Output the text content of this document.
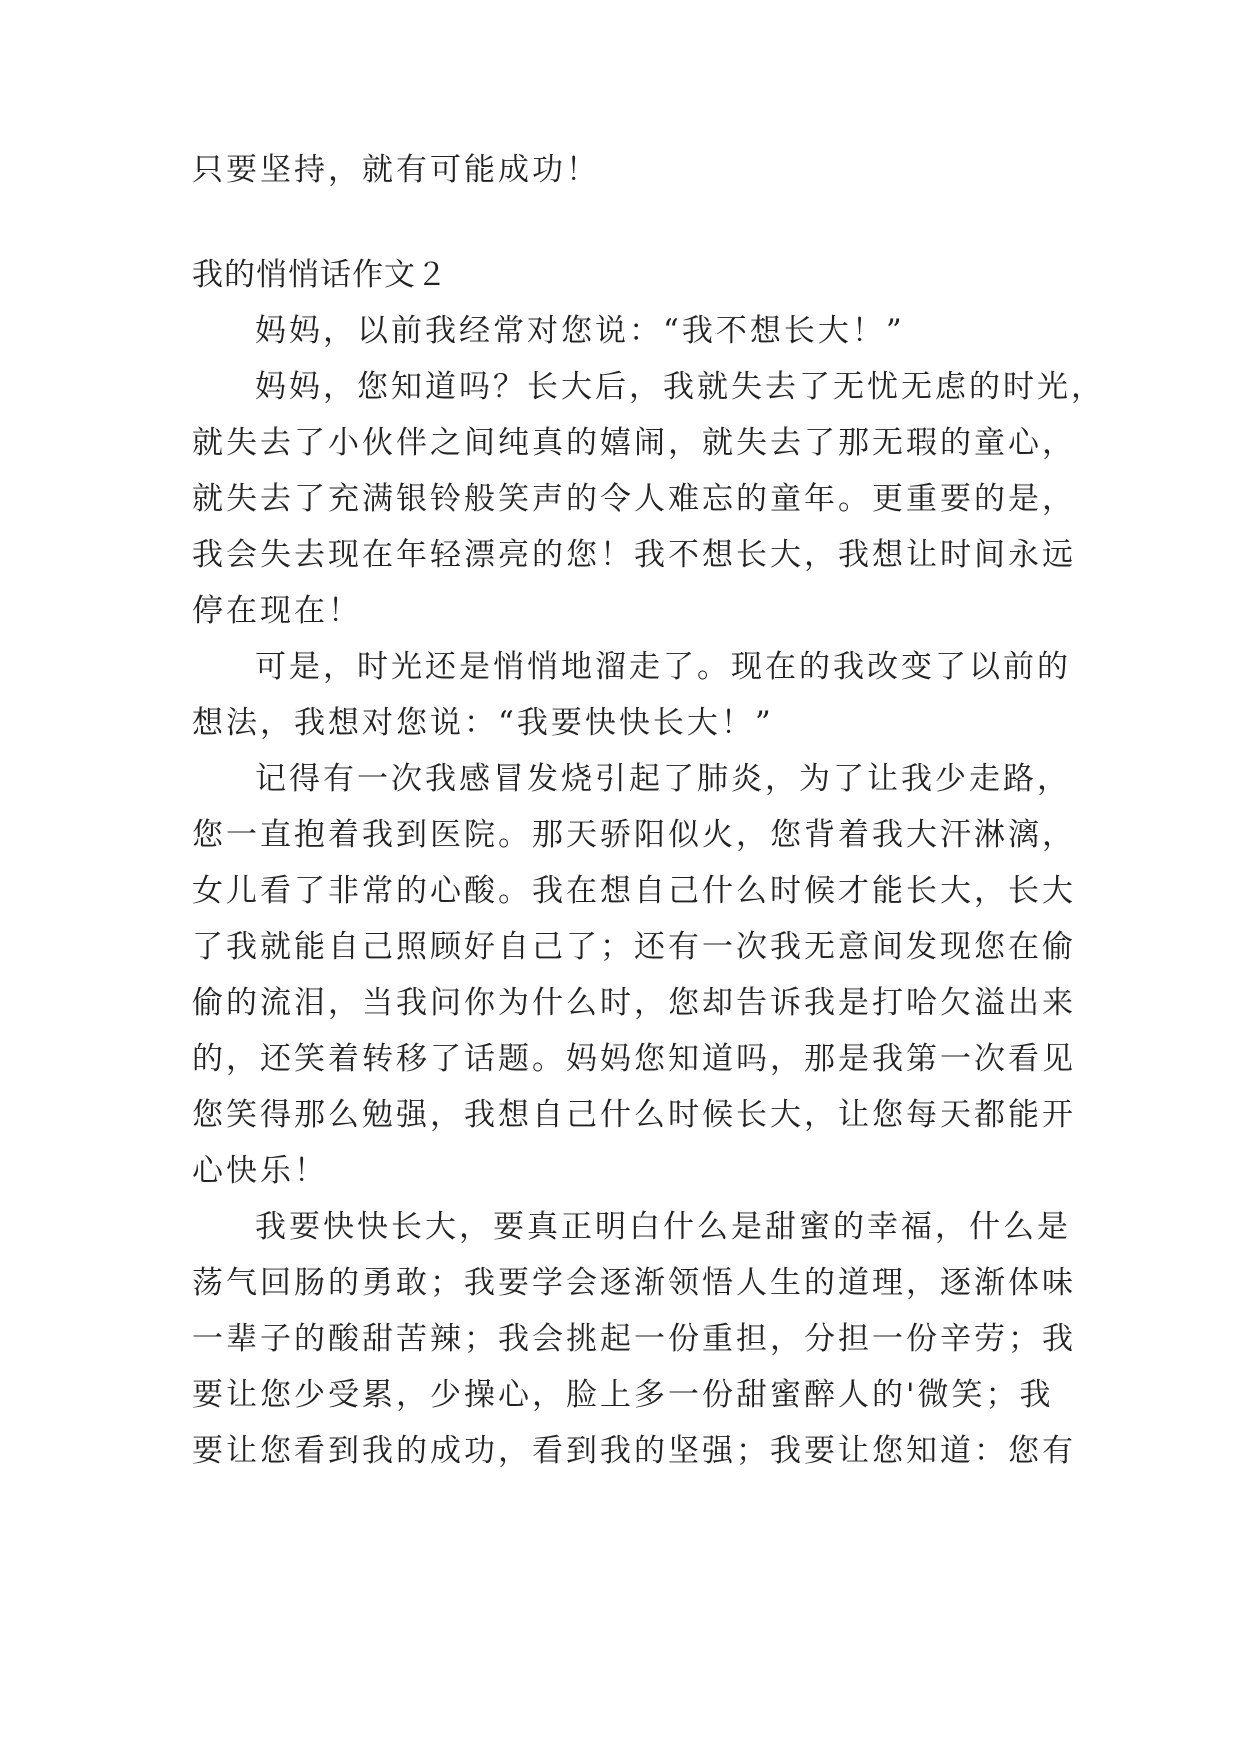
只要坚持，就有可能成功！
我的悄悄话作文２
妈妈，以前我经常对您说：“我不想长大！”
妈妈，您知道吗？长大后，我就失去了无忧无虑的时光，
就失去了小伙伴之间纯真的嬉闹，就失去了那无瑕的童心，
就失去了充满银铃般笑声的令人难忘的童年。更重要的是，
我会失去现在年轻漂亮的您！我不想长大，我想让时间永远
停在现在！
可是，时光还是悄悄地溜走了。现在的我改变了以前的
想法，我想对您说：“我要快快长大！”
记得有一次我感冒发烧引起了肺炎，为了让我少走路，
您一直抱着我到医院。那天骄阳似火，您背着我大汗淋漓，
女儿看了非常的心酸。我在想自己什么时候才能长大，长大
了我就能自己照顾好自己了；还有一次我无意间发现您在偷
偷的流泪，当我问你为什么时，您却告诉我是打哈欠溢出来
的，还笑着转移了话题。妈妈您知道吗，那是我第一次看见
您笑得那么勉强，我想自己什么时候长大，让您每天都能开
心快乐！
我要快快长大，要真正明白什么是甜蜜的幸福，什么是
荡气回肠的勇敢；我要学会逐渐领悟人生的道理，逐渐体味
一辈子的酸甜苦辣；我会挑起一份重担，分担一份辛劳；我
要让您少受累，少操心，脸上多一份甜蜜醉人的'微笑；我
要让您看到我的成功，看到我的坚强；我要让您知道：您有
